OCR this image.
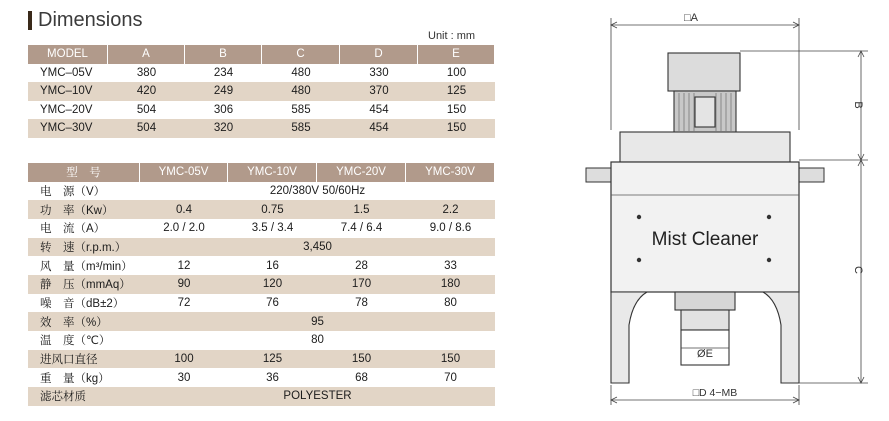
Dimensions
Unit : mm
MODEL	A	B	C	D	E
YMC–05V	380	234	480	330	100
YMC–10V	420	249	480	370	125
YMC–20V	504	306	585	454	150
YMC–30V	504	320	585	454	150
型　号	YMC-05V	YMC-10V	YMC-20V	YMC-30V
电　源（V）	220/380V 50/60Hz			
功　率（Kw）	0.4	0.75	1.5	2.2
电　流（A）	2.0 / 2.0	3.5 / 3.4	7.4 / 6.4	9.0 / 8.6
转　速（r.p.m.）	3,450			
风　量（m³/min）	12	16	28	33
静　压（mmAq）	90	120	170	180
噪　音（dB±2）	72	76	78	80
效　率（%）	95			
温　度（℃）	80			
进风口直径	100	125	150	150
重　量（kg）	30	36	68	70
滤芯材质	POLYESTER			
□A
Mist Cleaner
ØE
□D 4−MB
B
C
